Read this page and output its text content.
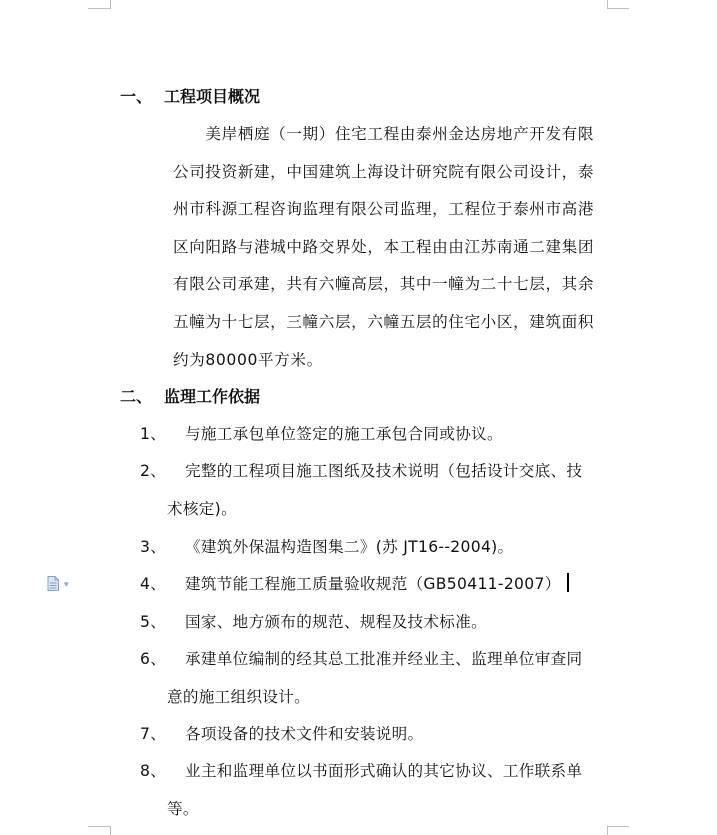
一、 工程项目概况
　　美岸栖庭（一期）住宅工程由泰州金达房地产开发有限
公司投资新建，中国建筑上海设计研究院有限公司设计，泰
州市科源工程咨询监理有限公司监理，工程位于泰州市高港
区向阳路与港城中路交界处，本工程由由江苏南通二建集团
有限公司承建，共有六幢高层，其中一幢为二十七层，其余
五幢为十七层，三幢六层，六幢五层的住宅小区，建筑面积
约为80000平方米。
二、 监理工作依据
1、	与施工承包单位签定的施工承包合同或协议。
2、	完整的工程项目施工图纸及技术说明（包括设计交底、技
术核定)。
3、	《建筑外保温构造图集二》(苏 JT16--2004)。
4、	建筑节能工程施工质量验收规范（GB50411-2007）
5、	国家、地方颁布的规范、规程及技术标准。
6、	承建单位编制的经其总工批准并经业主、监理单位审查同
意的施工组织设计。
7、	各项设备的技术文件和安装说明。
8、	业主和监理单位以书面形式确认的其它协议、工作联系单
等。
▾
